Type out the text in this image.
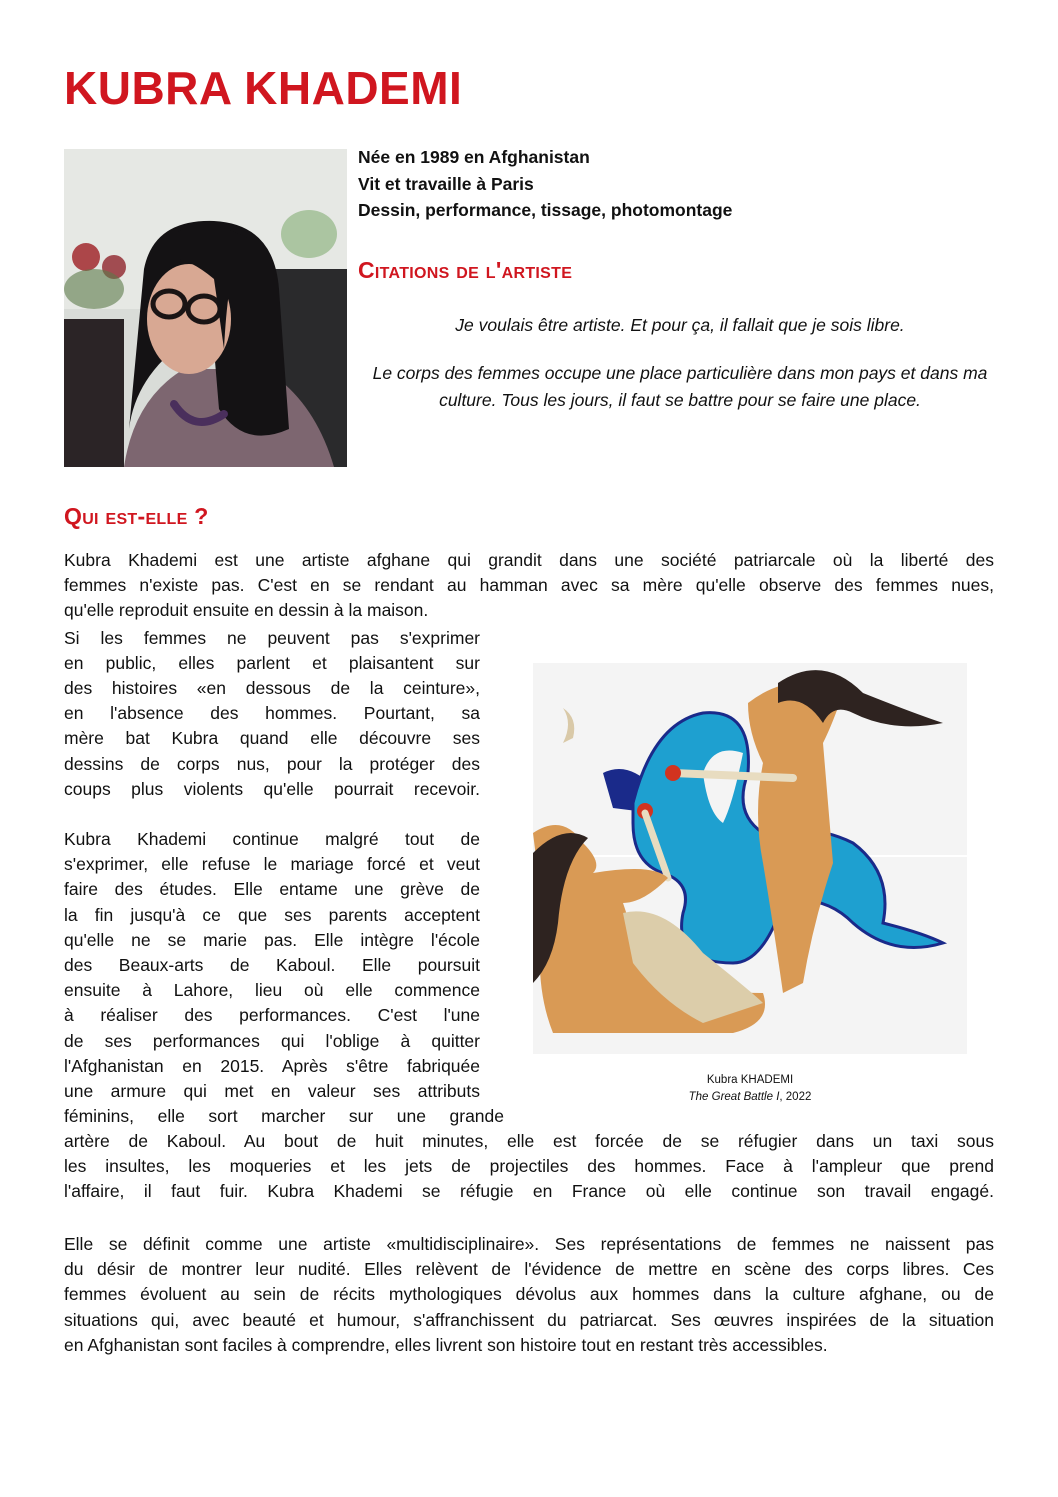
KUBRA KHADEMI
Née en 1989 en Afghanistan
Vit et travaille à Paris
Dessin, performance, tissage, photomontage
Citations de l'artiste
Je voulais être artiste. Et pour ça, il fallait que je sois libre.
Le corps des femmes occupe une place particulière dans mon pays et dans ma culture. Tous les jours, il faut se battre pour se faire une place.
Qui est-elle ?
Kubra Khademi est une artiste afghane qui grandit dans une société patriarcale où la liberté des
femmes n'existe pas. C'est en se rendant au hamman avec sa mère qu'elle observe des femmes nues,
qu'elle reproduit ensuite en dessin à la maison.
Si les femmes ne peuvent pas s'exprimer
en public, elles parlent et plaisantent sur
des histoires «en dessous de la ceinture»,
en l'absence des hommes. Pourtant, sa
mère bat Kubra quand elle découvre ses
dessins de corps nus, pour la protéger des
coups plus violents qu'elle pourrait recevoir.
Kubra Khademi continue malgré tout de
s'exprimer, elle refuse le mariage forcé et veut
faire des études. Elle entame une grève de
la fin jusqu'à ce que ses parents acceptent
qu'elle ne se marie pas. Elle intègre l'école
des Beaux-arts de Kaboul. Elle poursuit
ensuite à Lahore, lieu où elle commence
à réaliser des performances. C'est l'une
de ses performances qui l'oblige à quitter
l'Afghanistan en 2015. Après s'être fabriquée
une armure qui met en valeur ses attributs
féminins, elle sort marcher sur une grande
artère de Kaboul. Au bout de huit minutes, elle est forcée de se réfugier dans un taxi sous
les insultes, les moqueries et les jets de projectiles des hommes. Face à l'ampleur que prend
l'affaire, il faut fuir. Kubra Khademi se réfugie en France où elle continue son travail engagé.
Elle se définit comme une artiste «multidisciplinaire». Ses représentations de femmes ne naissent pas
du désir de montrer leur nudité. Elles relèvent de l'évidence de mettre en scène des corps libres. Ces
femmes évoluent au sein de récits mythologiques dévolus aux hommes dans la culture afghane, ou de
situations qui, avec beauté et humour, s'affranchissent du patriarcat. Ses œuvres inspirées de la situation
en Afghanistan sont faciles à comprendre, elles livrent son histoire tout en restant très accessibles.
Kubra KHADEMI
The Great Battle I, 2022
